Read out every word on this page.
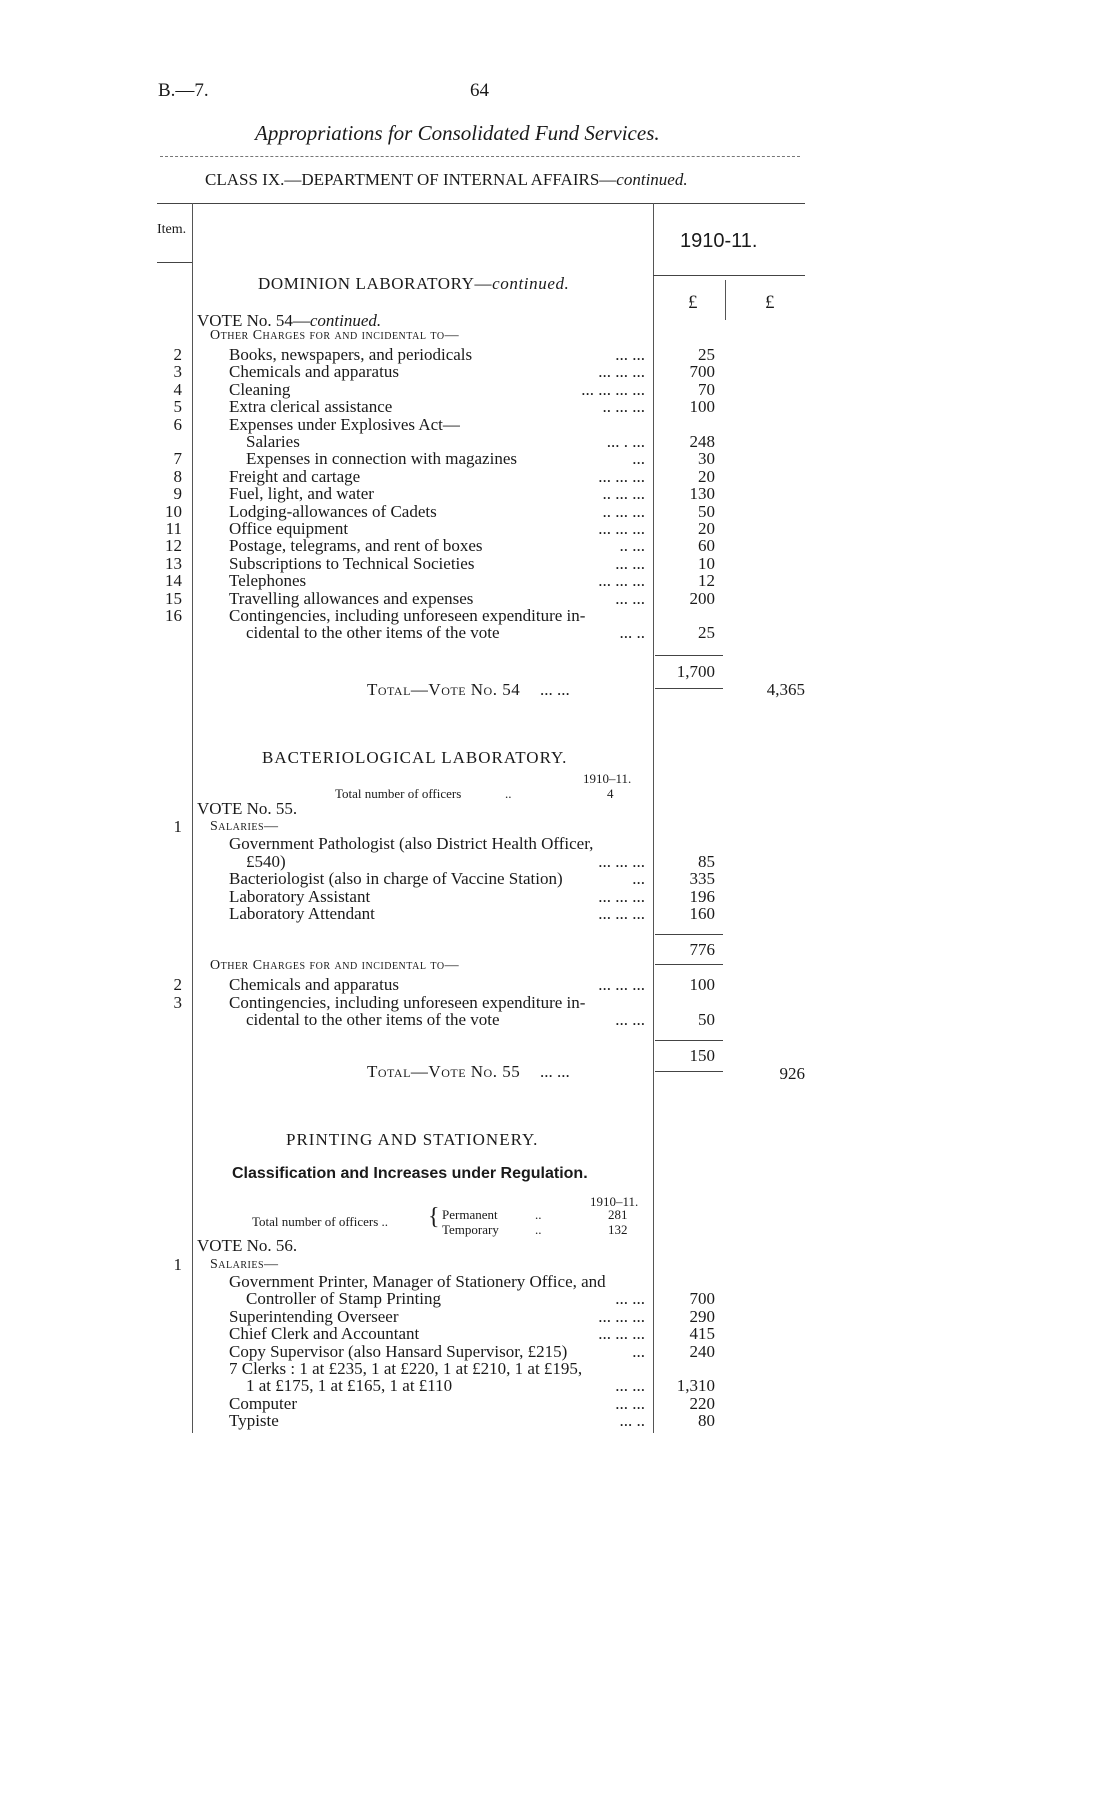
B.—7.	64
Appropriations for Consolidated Fund Services.
CLASS IX.—DEPARTMENT OF INTERNAL AFFAIRS—continued.
Item.
1910-11.
£	£
DOMINION LABORATORY—continued.
VOTE No. 54—continued.
Other Charges for and incidental to—
2	Books, newspapers, and periodicals	... ...	25
3	Chemicals and apparatus	... ... ...	700
4	Cleaning	... ... ... ...	70
5	Extra clerical assistance	.. ... ...	100
6	Expenses under Explosives Act—
Salaries	... . ...	248
7	Expenses in connection with magazines	...	30
8	Freight and cartage	... ... ...	20
9	Fuel, light, and water	.. ... ...	130
10	Lodging-allowances of Cadets	.. ... ...	50
11	Office equipment	... ... ...	20
12	Postage, telegrams, and rent of boxes	.. ...	60
13	Subscriptions to Technical Societies	... ...	10
14	Telephones	... ... ...	12
15	Travelling allowances and expenses	... ...	200
16	Contingencies, including unforeseen expenditure in-
cidental to the other items of the vote	... ..	25
1,700
Total—Vote No. 54 ... ...	4,365
BACTERIOLOGICAL LABORATORY.
1910–11.
Total number of officers	..	4
VOTE No. 55.
1 Salaries—
Government Pathologist (also District Health Officer,
£540)	... ... ...	85
Bacteriologist (also in charge of Vaccine Station)	...	335
Laboratory Assistant	... ... ...	196
Laboratory Attendant	... ... ...	160
776
Other Charges for and incidental to—
2	Chemicals and apparatus	... ... ...	100
3	Contingencies, including unforeseen expenditure in-
cidental to the other items of the vote	... ...	50
150
Total—Vote No. 55 ... ...	926
PRINTING AND STATIONERY.
Classification and Increases under Regulation.
1910–11.
Total number of officers .. { Permanent	..	281
Temporary	..	132
VOTE No. 56.
1 Salaries—
Government Printer, Manager of Stationery Office, and
Controller of Stamp Printing	... ...	700
Superintending Overseer	... ... ...	290
Chief Clerk and Accountant	... ... ...	415
Copy Supervisor (also Hansard Supervisor, £215)	...	240
7 Clerks : 1 at £235, 1 at £220, 1 at £210, 1 at £195,
1 at £175, 1 at £165, 1 at £110	... ...	1,310
Computer	... ...	220
Typiste	... ..	80
